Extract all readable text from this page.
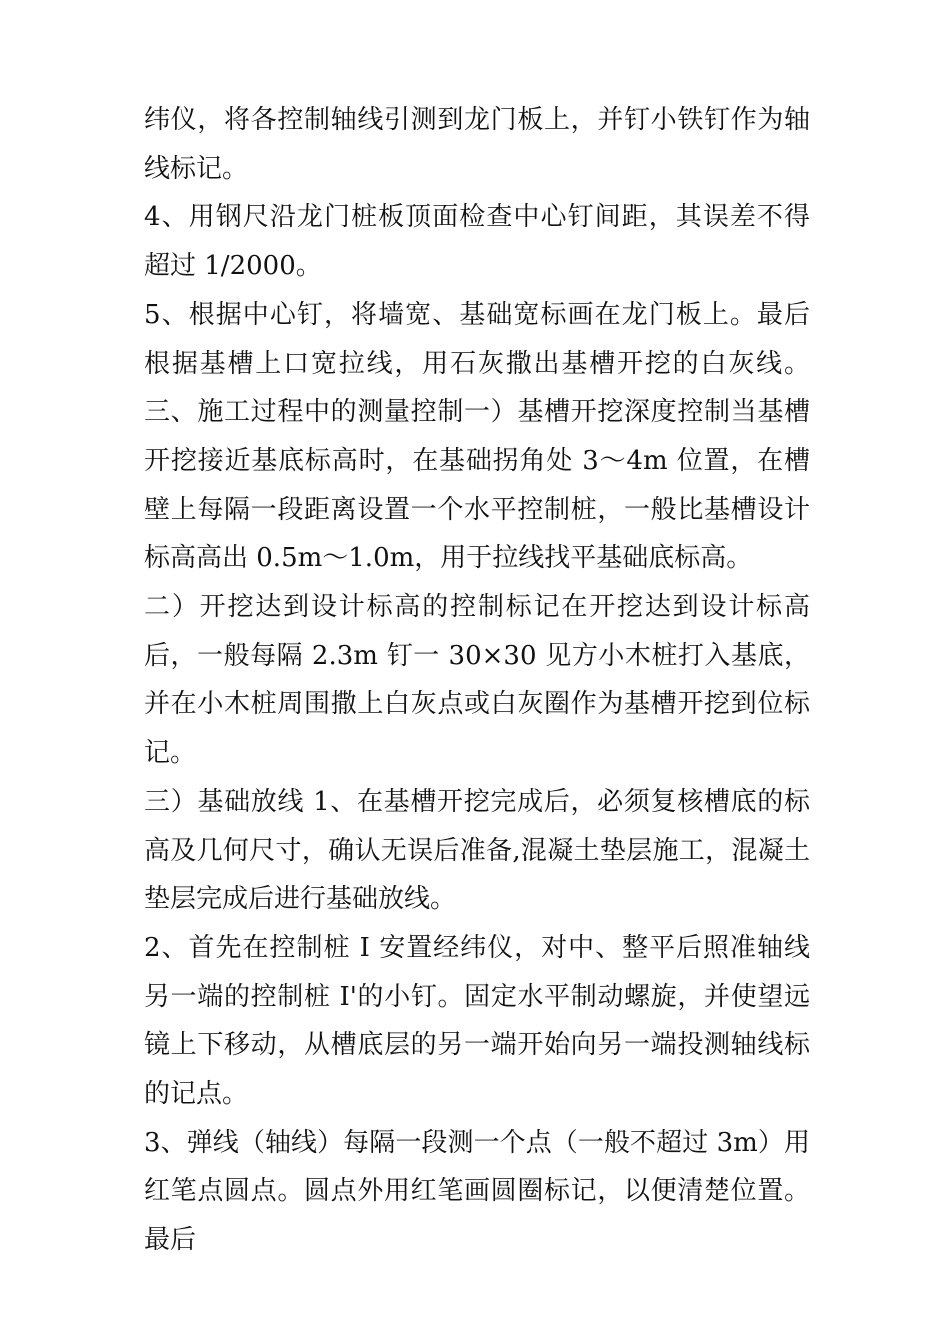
纬仪，将各控制轴线引测到龙门板上，并钉小铁钉作为轴线标记。

4、用钢尺沿龙门桩板顶面检查中心钉间距，其误差不得超过 1/2000。

5、根据中心钉，将墙宽、基础宽标画在龙门板上。最后根据基槽上口宽拉线，用石灰撒出基槽开挖的白灰线。三、施工过程中的测量控制一）基槽开挖深度控制当基槽开挖接近基底标高时，在基础拐角处 3～4m 位置，在槽壁上每隔一段距离设置一个水平控制桩，一般比基槽设计标高高出 0.5m～1.0m，用于拉线找平基础底标高。

二）开挖达到设计标高的控制标记在开挖达到设计标高后，一般每隔 2.3m 钉一 30×30 见方小木桩打入基底，并在小木桩周围撒上白灰点或白灰圈作为基槽开挖到位标记。

三）基础放线 1、在基槽开挖完成后，必须复核槽底的标高及几何尺寸，确认无误后准备,混凝土垫层施工，混凝土垫层完成后进行基础放线。

2、首先在控制桩 I 安置经纬仪，对中、整平后照准轴线另一端的控制桩 I'的小钉。固定水平制动螺旋，并使望远镜上下移动，从槽底层的另一端开始向另一端投测轴线标的记点。

3、弹线（轴线）每隔一段测一个点（一般不超过 3m）用红笔点圆点。圆点外用红笔画圆圈标记，以便清楚位置。最后
